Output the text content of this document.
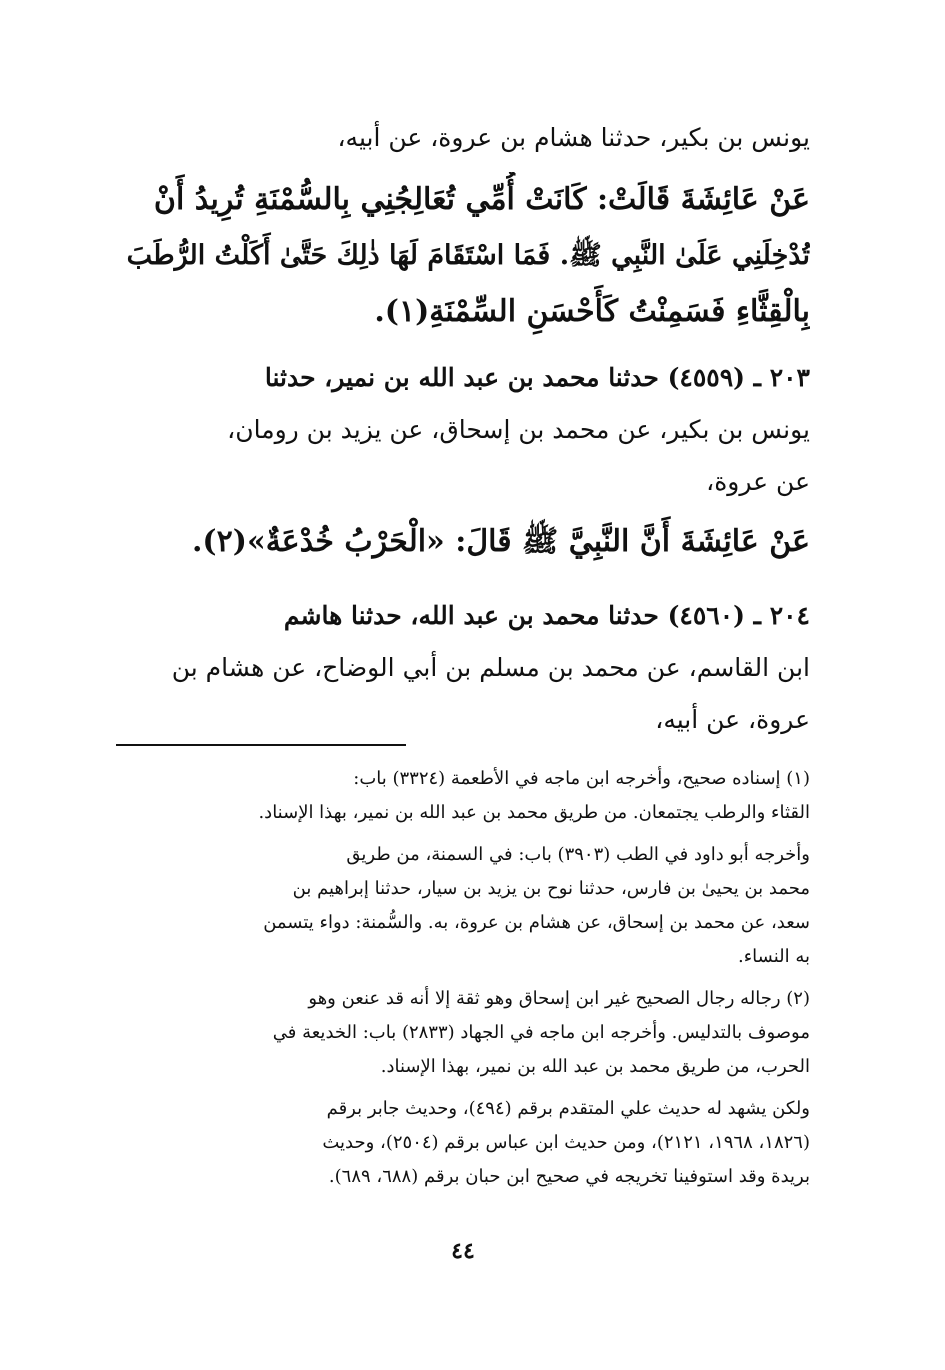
يونس بن بكير، حدثنا هشام بن عروة، عن أبيه،
عَنْ عَائِشَةَ قَالَتْ: كَانَتْ أُمِّي تُعَالِجُنِي بِالسُّمْنَةِ تُرِيدُ أَنْ
تُدْخِلَنِي عَلَىٰ النَّبِي ﷺ. فَمَا اسْتَقَامَ لَهَا ذٰلِكَ حَتَّىٰ أَكَلْتُ الرُّطَبَ
بِالْقِثَّاءِ فَسَمِنْتُ كَأَحْسَنِ السِّمْنَةِ(١).
٢٠٣ ـ (٤٥٥٩) حدثنا محمد بن عبد الله بن نمير، حدثنا
يونس بن بكير، عن محمد بن إسحاق، عن يزيد بن رومان،
عن عروة،
عَنْ عَائِشَةَ أَنَّ النَّبِيَّ ﷺ قَالَ: «الْحَرْبُ خُدْعَةٌ»(٢).
٢٠٤ ـ (٤٥٦٠) حدثنا محمد بن عبد الله، حدثنا هاشم
ابن القاسم، عن محمد بن مسلم بن أبي الوضاح، عن هشام بن
عروة، عن أبيه،
(١) إسناده صحيح، وأخرجه ابن ماجه في الأطعمة (٣٣٢٤) باب:
القثاء والرطب يجتمعان. من طريق محمد بن عبد الله بن نمير، بهذا الإسناد.
وأخرجه أبو داود في الطب (٣٩٠٣) باب: في السمنة، من طريق
محمد بن يحيىٰ بن فارس، حدثنا نوح بن يزيد بن سيار، حدثنا إبراهيم بن
سعد، عن محمد بن إسحاق، عن هشام بن عروة، به. والسُّمنة: دواء يتسمن
به النساء.
(٢) رجاله رجال الصحيح غير ابن إسحاق وهو ثقة إلا أنه قد عنعن وهو
موصوف بالتدليس. وأخرجه ابن ماجه في الجهاد (٢٨٣٣) باب: الخديعة في
الحرب، من طريق محمد بن عبد الله بن نمير، بهذا الإسناد.
ولكن يشهد له حديث علي المتقدم برقم (٤٩٤)، وحديث جابر برقم
(١٨٢٦، ١٩٦٨، ٢١٢١)، ومن حديث ابن عباس برقم (٢٥٠٤)، وحديث
بريدة وقد استوفينا تخريجه في صحيح ابن حبان برقم (٦٨٨، ٦٨٩).
٤٤
